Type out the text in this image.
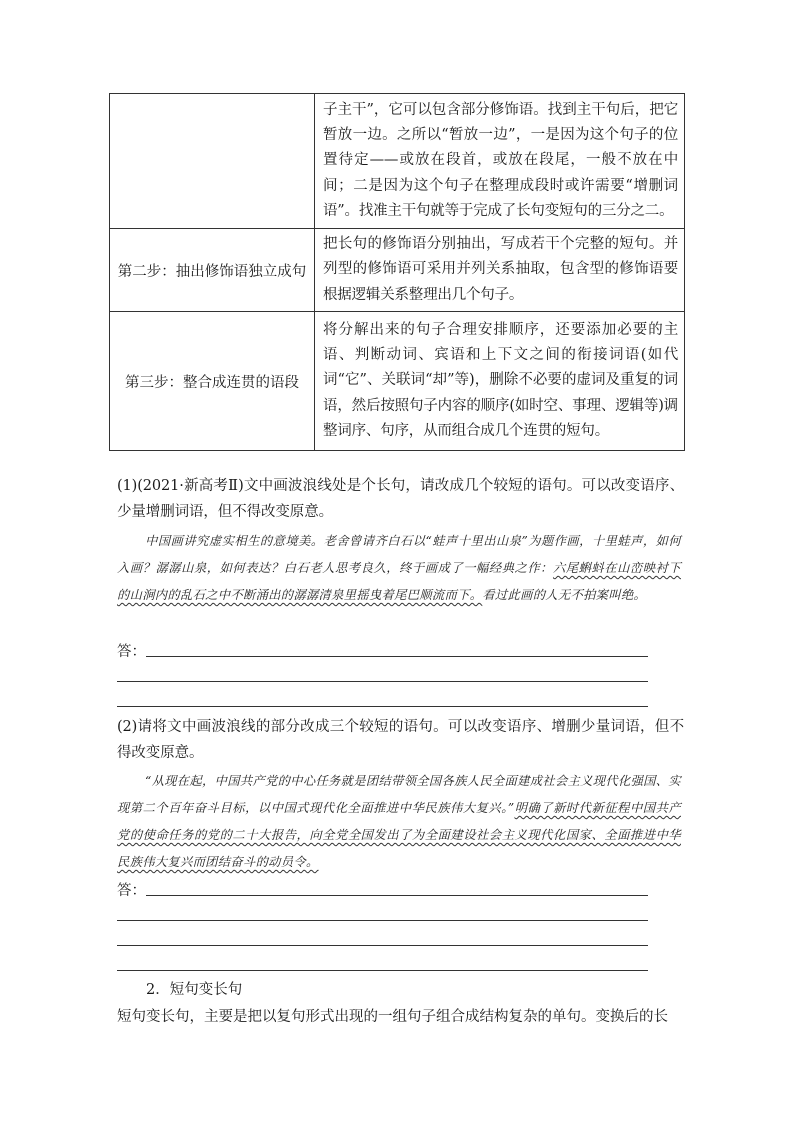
	子主干”，它可以包含部分修饰语。找到主干句后，把它暂放一边。之所以“暂放一边”，一是因为这个句子的位置待定——或放在段首，或放在段尾，一般不放在中间；二是因为这个句子在整理成段时或许需要“增删词语”。找准主干句就等于完成了长句变短句的三分之二。
第二步：抽出修饰语独立成句	把长句的修饰语分别抽出，写成若干个完整的短句。并列型的修饰语可采用并列关系抽取，包含型的修饰语要根据逻辑关系整理出几个句子。
第三步：整合成连贯的语段	将分解出来的句子合理安排顺序，还要添加必要的主语、判断动词、宾语和上下文之间的衔接词语(如代词“它”、关联词“却”等)，删除不必要的虚词及重复的词语，然后按照句子内容的顺序(如时空、事理、逻辑等)调整词序、句序，从而组合成几个连贯的短句。
(1)(2021·新高考Ⅱ)文中画波浪线处是个长句，请改成几个较短的语句。可以改变语序、少量增删词语，但不得改变原意。
中国画讲究虚实相生的意境美。老舍曾请齐白石以“蛙声十里出山泉”为题作画，十里蛙声，如何入画？潺潺山泉，如何表达？白石老人思考良久，终于画成了一幅经典之作：六尾蝌蚪在山峦映衬下的山涧内的乱石之中不断涌出的潺潺清泉里摇曳着尾巴顺流而下。看过此画的人无不拍案叫绝。
答：
(2)请将文中画波浪线的部分改成三个较短的语句。可以改变语序、增删少量词语，但不得改变原意。
“从现在起，中国共产党的中心任务就是团结带领全国各族人民全面建成社会主义现代化强国、实现第二个百年奋斗目标，以中国式现代化全面推进中华民族伟大复兴。”明确了新时代新征程中国共产党的使命任务的党的二十大报告，向全党全国发出了为全面建设社会主义现代化国家、全面推进中华民族伟大复兴而团结奋斗的动员令。
答：
2．短句变长句
短句变长句，主要是把以复句形式出现的一组句子组合成结构复杂的单句。变换后的长
